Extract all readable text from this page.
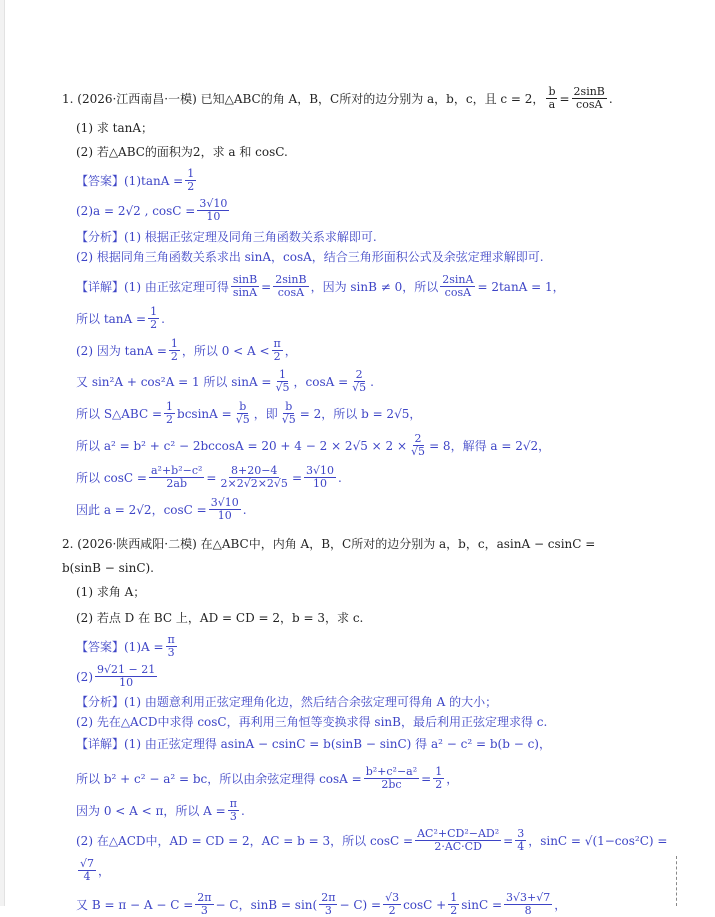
1. (2026·江西南昌·一模) 已知△ABC的角 A，B，C所对的边分别为 a，b，c，且 c = 2， $\frac{b}{a} = \frac{2\sin B}{\cos A}$ .
(1) 求 tanA；
(2) 若△ABC的面积为2，求 a 和 cosC.
【答案】$(1)\tan A = \frac{1}{2}$
(2)a = 2√2 , $\cos C = \frac{3√10}{10}$
【分析】(1) 根据正弦定理及同角三角函数关系求解即可.
(2) 根据同角三角函数关系求出 sinA，cosA，结合三角形面积公式及余弦定理求解即可.
【详解】(1) 由正弦定理可得 $\frac{\sin B}{\sin A} = \frac{2\sin B}{\cos A}$ ，因为 sinB ≠ 0，所以 $\frac{2\sin A}{\cos A} = 2\tan A = 1$，
所以 $\tan A = \frac{1}{2}$ .
(2) 因为 $\tan A = \frac{1}{2}$ ，所以 $0 < A < \frac{\pi}{2}$ ，
又 sin²A + cos²A = 1 所以 $\sin A = \frac{1}{√5}$ ，$\cos A = \frac{2}{√5}$ .
所以 S△ABC = $\frac{1}{2}$ $bcsinA = \frac{b}{√5}$ ，即 $\frac{b}{√5} = 2$，所以 b = 2√5，
所以 $a^2 = b^2 + c^2 - 2bccosA = 20 + 4 - 2 \times 2√5 \times 2 \times \frac{2}{√5} = 8$，解得 a = 2√2，
所以 $\cos C = \frac{\text{a²+b²−c²}}{2ab} = \frac{8+20-4}{2\times 2√2\times 2√5} = \frac{3√10}{10}$ .
因此 a = 2√2，$\cos C = \frac{3√10}{10}$ .
2. (2026·陕西咸阳·二模) 在△ABC中，内角 A，B，C所对的边分别为 a，b，c，asinA − csinC =
b(sinB − sinC).
(1) 求角 A；
(2) 若点 D 在 BC 上，AD = CD = 2，b = 3，求 c.
【答案】$(1)A = \frac{\pi}{3}$
$(2) \frac{9√21 - 21}{10}$
【分析】(1) 由题意利用正弦定理角化边，然后结合余弦定理可得角 A 的大小；
(2) 先在△ACD中求得 cosC，再利用三角恒等变换求得 sinB，最后利用正弦定理求得 c.
【详解】(1) 由正弦定理得 asinA − csinC = b(sinB − sinC) 得 a² − c² = b(b − c)，
所以 b² + c² − a² = bc，所以由余弦定理得 $\cos A = \frac{\text{b²+c²−a²}}{2bc} = \frac{1}{2}$ ，
因为 0 < A < π，所以 $A = \frac{\pi}{3}$ .
(2) 在△ACD中，AD = CD = 2，AC = b = 3，所以 $\cos C = \frac{\text{AC²+CD²−AD²}}{2\cdot AC\cdot CD} = \frac{3}{4}$ ，sinC = √(1−cos²C) =
$\frac{√7}{4}$ ，
又 $B = \pi - A - C = \frac{2\pi}{3} - C$，$\sin B = \sin( \frac{2\pi}{3} - C) = \frac{√3}{2}$ $\cos C + \frac{1}{2}$ $\sin C = \frac{3√3+√7}{8}$ ，
